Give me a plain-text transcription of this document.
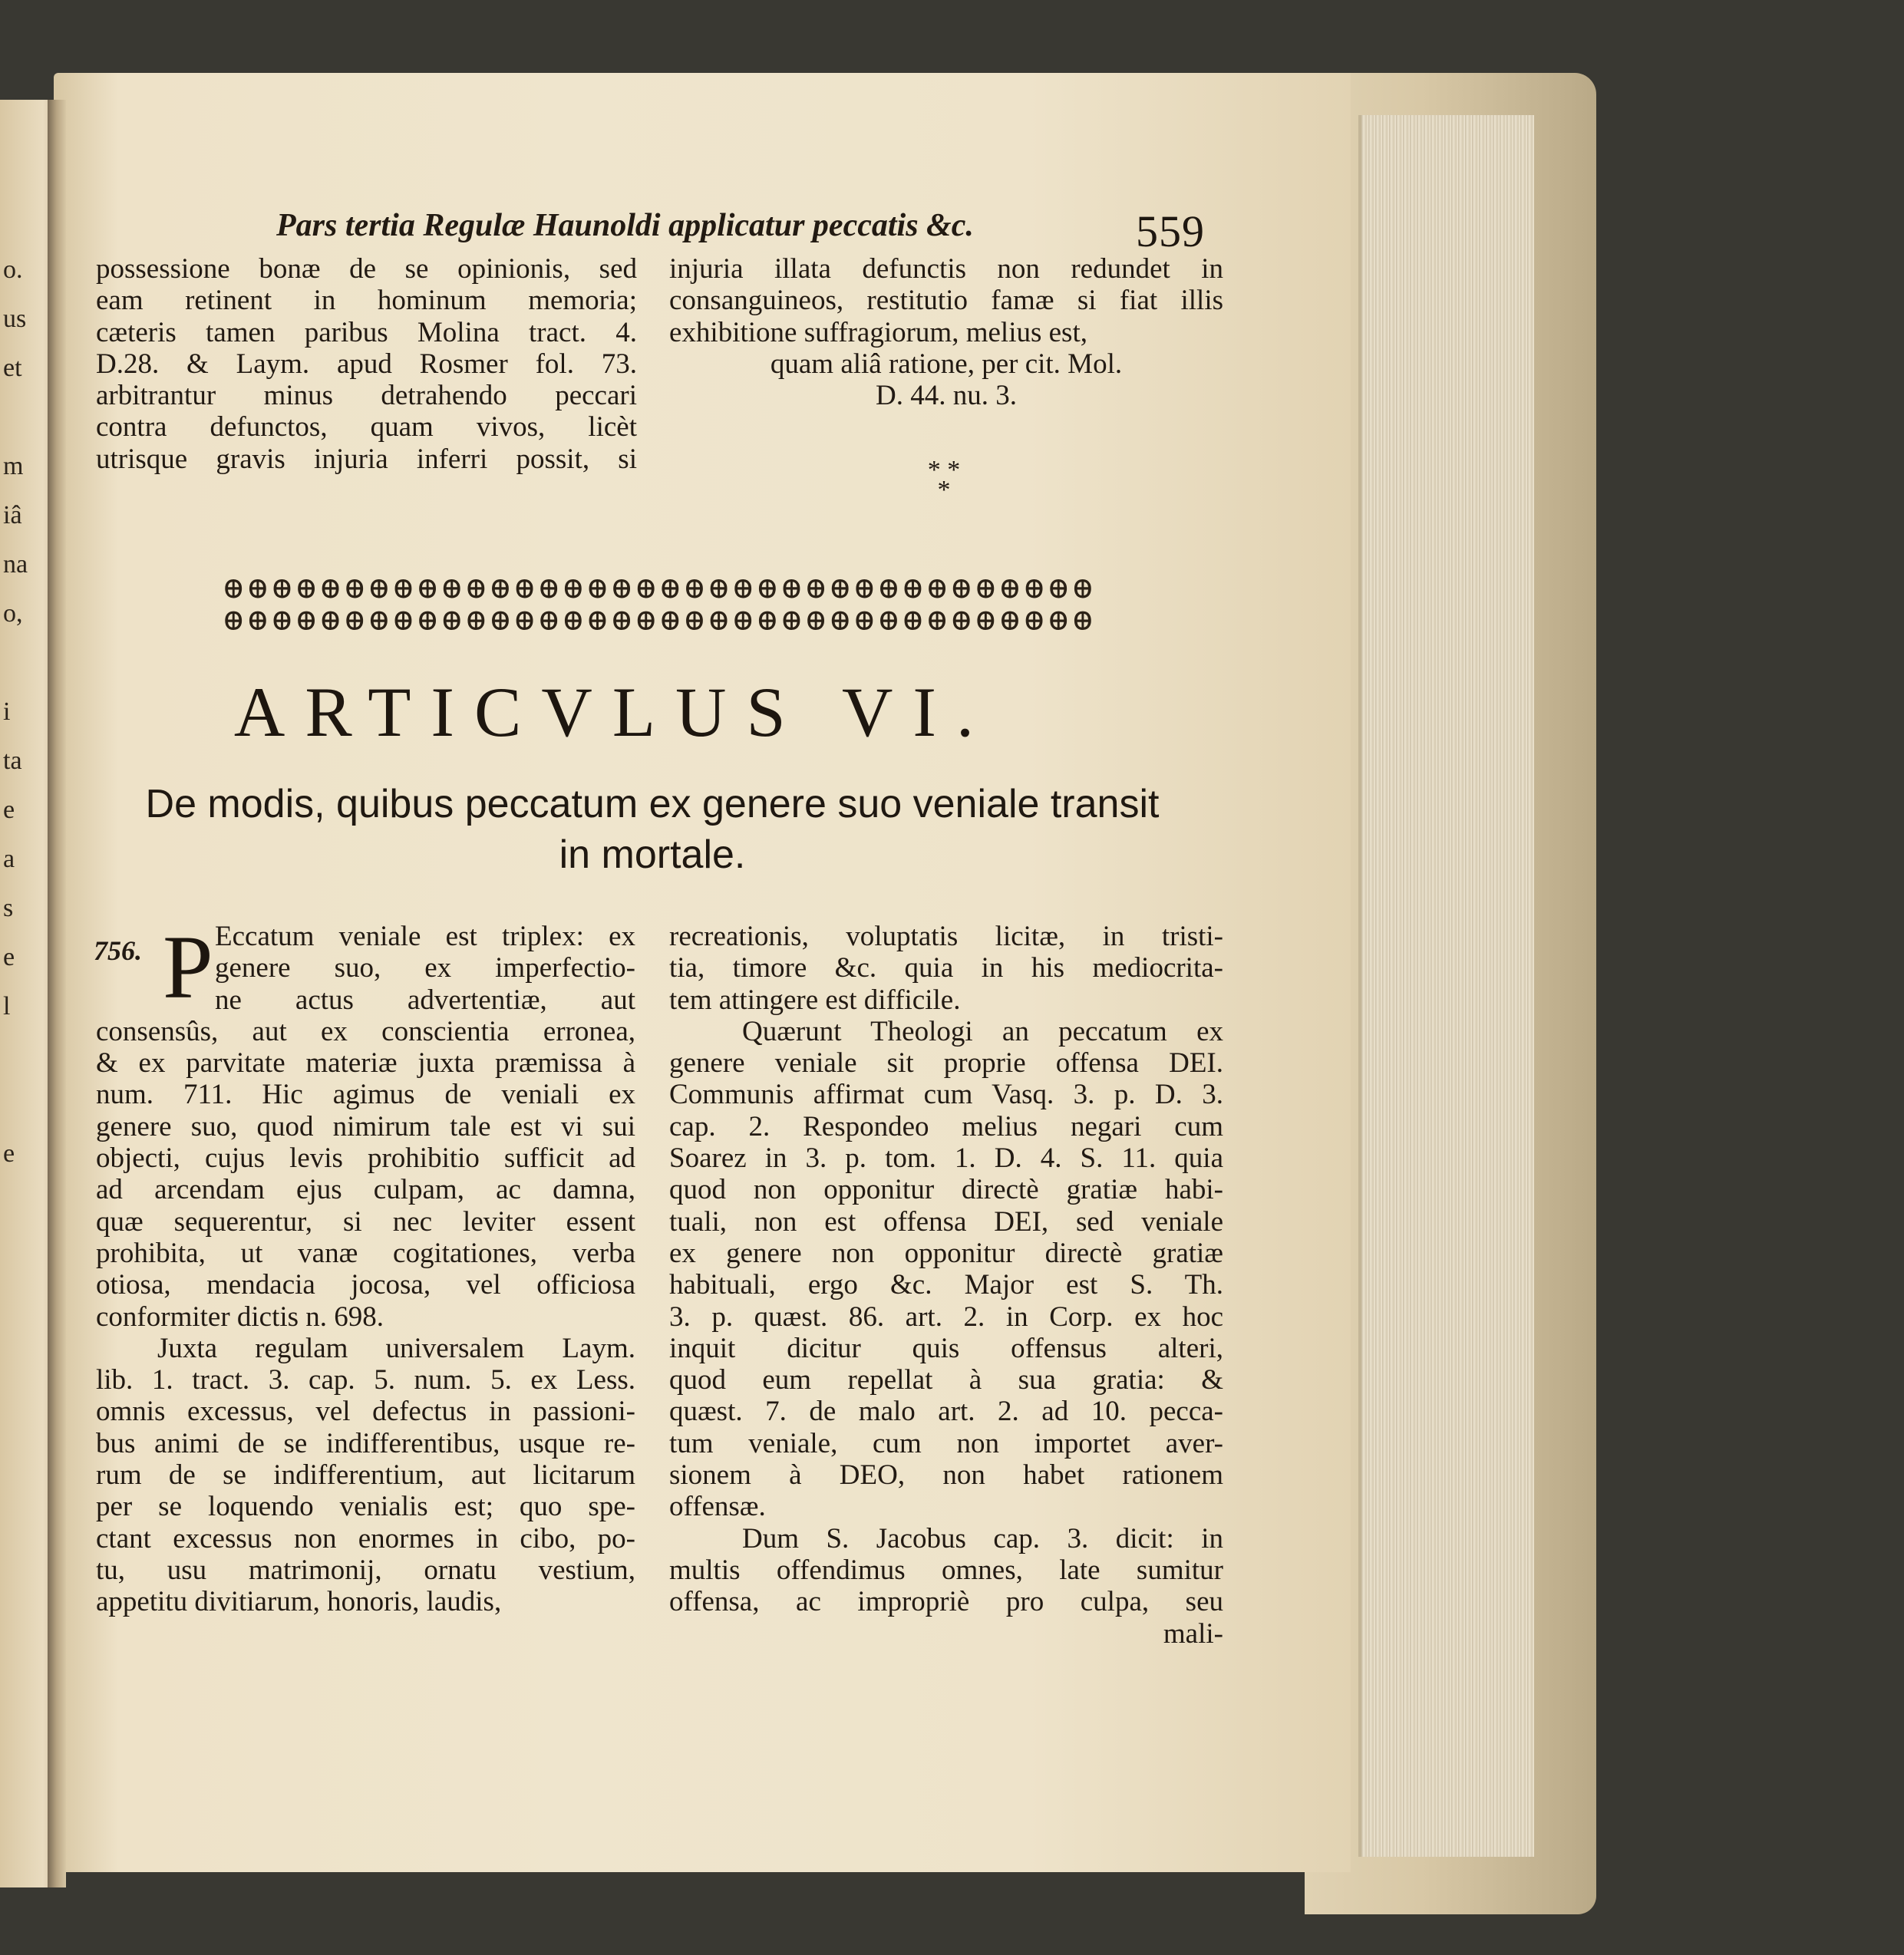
o.
us
et
m
iâ
na
o,
i
ta
e
a
s
e
l
e
Pars tertia Regulæ Haunoldi applicatur peccatis &c.	559
possessione bonæ de se opinionis, sed
eam retinent in hominum memoria;
cæteris tamen paribus Molina tract. 4.
D.28. & Laym. apud Rosmer fol. 73.
arbitrantur minus detrahendo peccari
contra defunctos, quam vivos, licèt
utrisque gravis injuria inferri possit, si
injuria illata defunctis non redundet in
consanguineos, restitutio famæ si fiat illis
exhibitione suffragiorum, melius est,
quam aliâ ratione, per cit. Mol.
D. 44. nu. 3.
* *
*
ꚛꚛꚛꚛꚛꚛꚛꚛꚛꚛꚛꚛꚛꚛꚛꚛꚛꚛꚛꚛꚛꚛꚛꚛꚛꚛꚛꚛꚛꚛꚛꚛꚛꚛꚛꚛ
ꚛꚛꚛꚛꚛꚛꚛꚛꚛꚛꚛꚛꚛꚛꚛꚛꚛꚛꚛꚛꚛꚛꚛꚛꚛꚛꚛꚛꚛꚛꚛꚛꚛꚛꚛꚛ
ARTICVLUS VI.
De modis, quibus peccatum ex genere suo veniale transit
in mortale.
756. P Eccatum veniale est triplex: ex
genere suo, ex imperfectio-
ne actus advertentiæ, aut
consensûs, aut ex conscientia erronea,
& ex parvitate materiæ juxta præmissa à
num. 711. Hic agimus de veniali ex
genere suo, quod nimirum tale est vi sui
objecti, cujus levis prohibitio sufficit ad
ad arcendam ejus culpam, ac damna,
quæ sequerentur, si nec leviter essent
prohibita, ut vanæ cogitationes, verba
otiosa, mendacia jocosa, vel officiosa
conformiter dictis n. 698.
Juxta regulam universalem Laym.
lib. 1. tract. 3. cap. 5. num. 5. ex Less.
omnis excessus, vel defectus in passioni-
bus animi de se indifferentibus, usque re-
rum de se indifferentium, aut licitarum
per se loquendo venialis est; quo spe-
ctant excessus non enormes in cibo, po-
tu, usu matrimonij, ornatu vestium,
appetitu divitiarum, honoris, laudis,
recreationis, voluptatis licitæ, in tristi-
tia, timore &c. quia in his mediocrita-
tem attingere est difficile.
Quærunt Theologi an peccatum ex
genere veniale sit proprie offensa DEI.
Communis affirmat cum Vasq. 3. p. D. 3.
cap. 2. Respondeo melius negari cum
Soarez in 3. p. tom. 1. D. 4. S. 11. quia
quod non opponitur directè gratiæ habi-
tuali, non est offensa DEI, sed veniale
ex genere non opponitur directè gratiæ
habituali, ergo &c. Major est S. Th.
3. p. quæst. 86. art. 2. in Corp. ex hoc
inquit dicitur quis offensus alteri,
quod eum repellat à sua gratia: &
quæst. 7. de malo art. 2. ad 10. pecca-
tum veniale, cum non importet aver-
sionem à DEO, non habet rationem
offensæ.
Dum S. Jacobus cap. 3. dicit: in
multis offendimus omnes, late sumitur
offensa, ac impropriè pro culpa, seu
mali-
